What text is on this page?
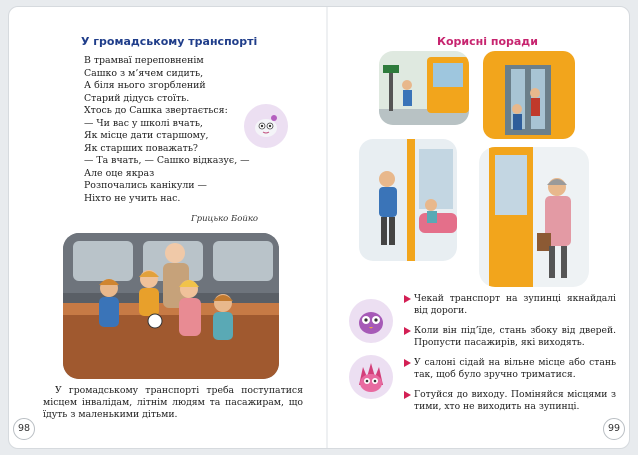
У громадському транспорті
В трамваї переповненім
Сашко з м’ячем сидить,
А біля нього згорблений
Старий дідусь стоїть.
Хтось до Сашка звертається:
— Чи вас у школі вчать,
Як місце дати старшому,
Як старших поважать?
— Та вчать, — Сашко відказує, —
Але оце якраз
Розпочались канікули —
Ніхто не учить нас.
Грицько Бойко
У громадському транспорті треба поступатися місцем інвалідам, літнім людям та пасажирам, що їдуть з маленькими дітьми.
98
Корисні поради
Чекай транспорт на зупинці якнайдалі від дороги.
Коли він під’їде, стань збоку від дверей. Пропусти пасажирів, які виходять.
У салоні сідай на вільне місце або стань так, щоб було зручно триматися.
Готуйся до виходу. Поміняйся місцями з тими, хто не виходить на зупинці.
99
